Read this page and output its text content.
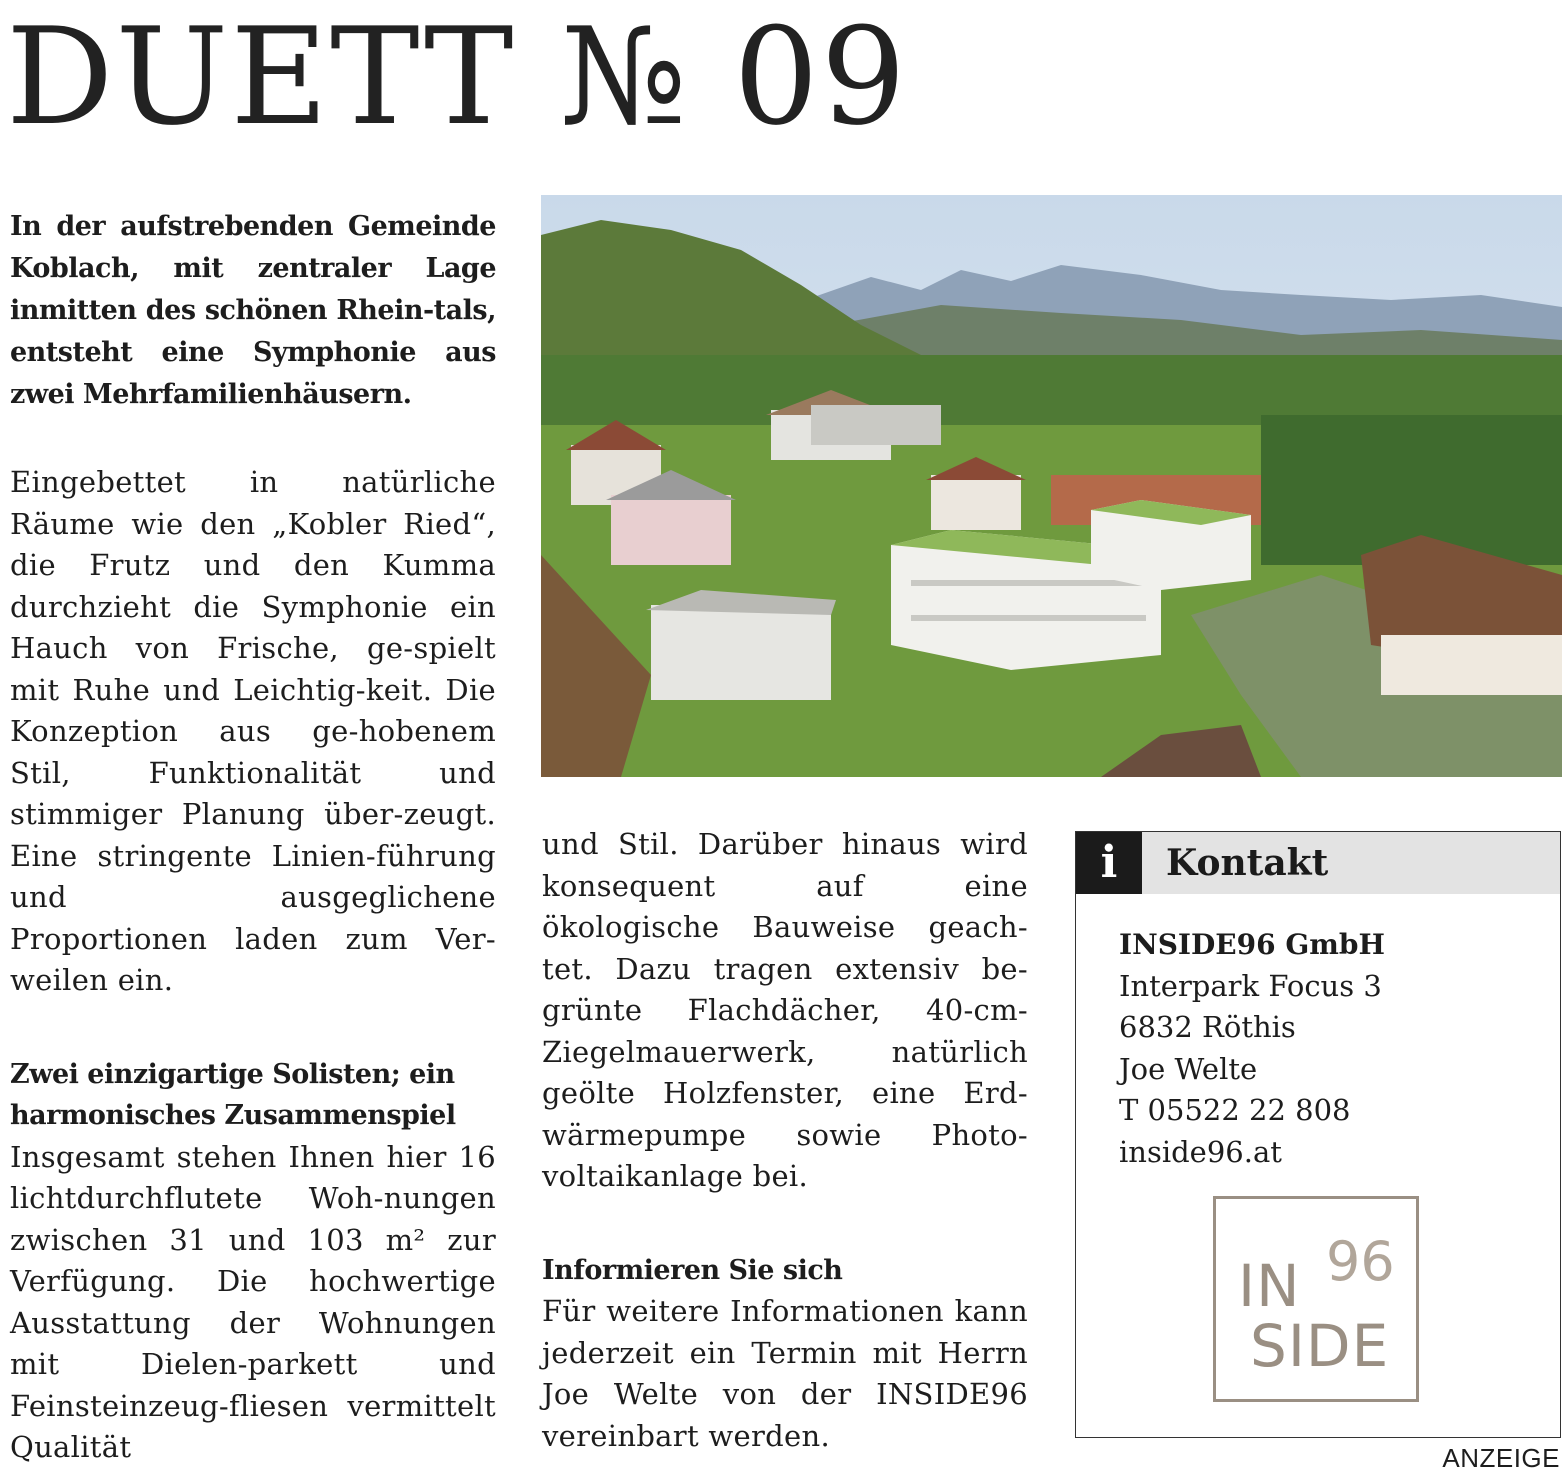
DUETT № 09

In der aufstrebenden Gemeinde Koblach, mit zentraler Lage inmitten des schönen Rhein-tals, entsteht eine Symphonie aus zwei Mehrfamilienhäusern.

Eingebettet in natürliche Räume wie den „Kobler Ried“, die Frutz und den Kumma durchzieht die Symphonie ein Hauch von Frische, ge-spielt mit Ruhe und Leichtig-keit. Die Konzeption aus ge-hobenem Stil, Funktionalität und stimmiger Planung über-zeugt. Eine stringente Linien-führung und ausgeglichene Proportionen laden zum Ver-weilen ein.

Zwei einzigartige Solisten; ein harmonisches Zusammenspiel

Insgesamt stehen Ihnen hier 16 lichtdurchflutete Woh-nungen zwischen 31 und 103 m² zur Verfügung. Die hochwertige Ausstattung der Wohnungen mit Dielen-parkett und Feinsteinzeug-fliesen vermittelt Qualität

und Stil. Darüber hinaus wird konsequent auf eine ökologische Bauweise geach-tet. Dazu tragen extensiv be-grünte Flachdächer, 40-cm-Ziegelmauerwerk, natürlich geölte Holzfenster, eine Erd-wärmepumpe sowie Photo-voltaikanlage bei.

Informieren Sie sich

Für weitere Informationen kann jederzeit ein Termin mit Herrn Joe Welte von der INSIDE96 vereinbart werden.

i	Kontakt
INSIDE96 GmbH
Interpark Focus 3
6832 Röthis
Joe Welte
T 05522 22 808
inside96.at
IN 96
SIDE
ANZEIGE
